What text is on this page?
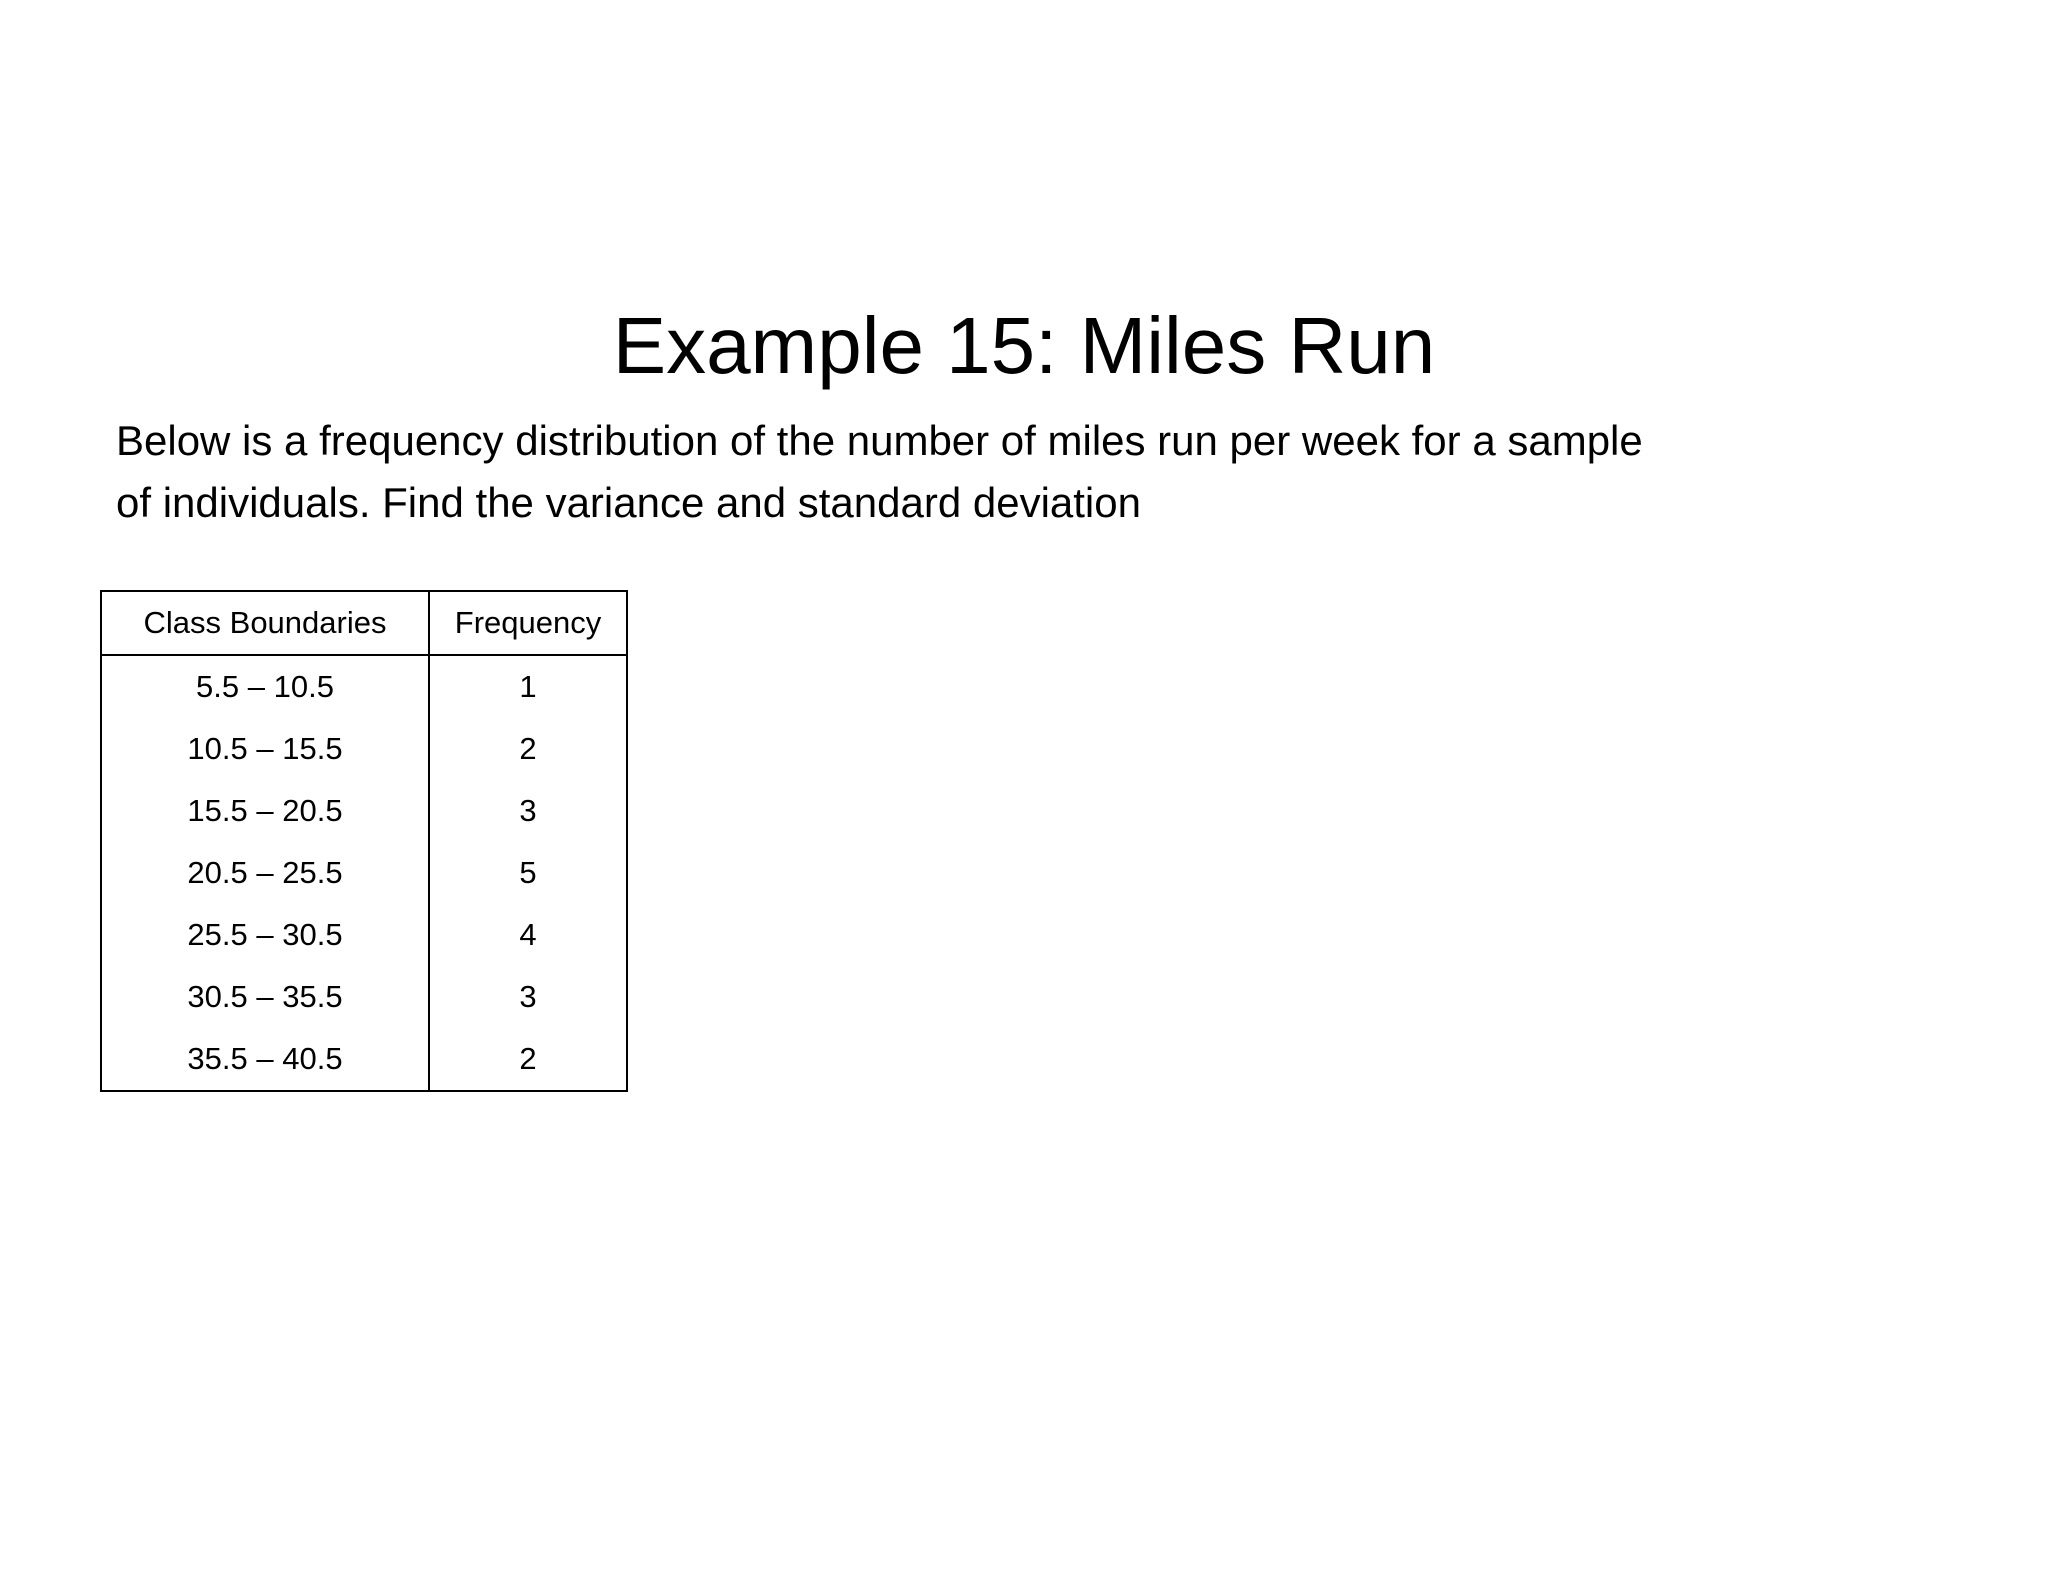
Example 15: Miles Run

Below is a frequency distribution of the number of miles run per week for a sample
of individuals. Find the variance and standard deviation

Class Boundaries	Frequency
5.5 – 10.5	1
10.5 – 15.5	2
15.5 – 20.5	3
20.5 – 25.5	5
25.5 – 30.5	4
30.5 – 35.5	3
35.5 – 40.5	2
